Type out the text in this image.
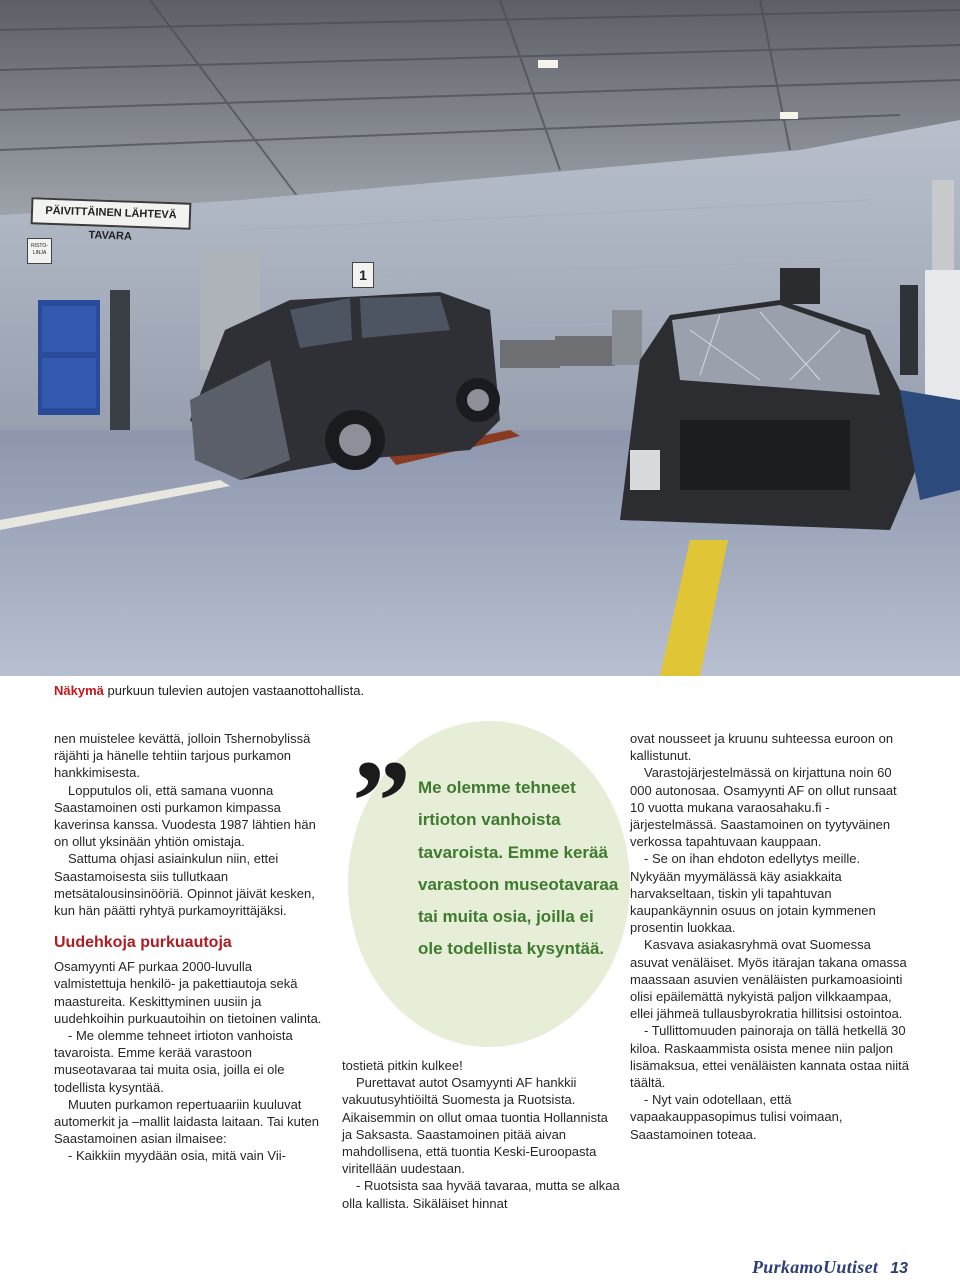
PÄIVITTÄINEN LÄHTEVÄ TAVARA
RISTO-LINJA
1
Näkymä purkuun tulevien autojen vastaanottohallista.

nen muistelee kevättä, jolloin Tshernobylissä räjähti ja hänelle tehtiin tarjous purkamon hankkimisesta.

Lopputulos oli, että samana vuonna Saastamoinen osti purkamon kimpassa kaverinsa kanssa. Vuodesta 1987 lähtien hän on ollut yksinään yhtiön omistaja.

Sattuma ohjasi asiainkulun niin, ettei Saastamoisesta siis tullutkaan metsätalousinsinööriä. Opinnot jäivät kesken, kun hän päätti ryhtyä purkamoyrittäjäksi.

Uudehkoja purkuautoja

Osamyynti AF purkaa 2000-luvulla valmistettuja henkilö- ja pakettiautoja sekä maastureita. Keskittyminen uusiin ja uudehkoihin purkuautoihin on tietoinen valinta.

- Me olemme tehneet irtioton vanhoista tavaroista. Emme kerää varastoon museotavaraa tai muita osia, joilla ei ole todellista kysyntää.

Muuten purkamon repertuaariin kuuluvat automerkit ja –mallit laidasta laitaan. Tai kuten Saastamoinen asian ilmaisee:

- Kaikkiin myydään osia, mitä vain Vii-

” Me olemme tehneet irtioton vanhoista tavaroista. Emme kerää varastoon museotavaraa tai muita osia, joilla ei ole todellista kysyntää.

tostietä pitkin kulkee!

Purettavat autot Osamyynti AF hankkii vakuutusyhtiöiltä Suomesta ja Ruotsista. Aikaisemmin on ollut omaa tuontia Hollannista ja Saksasta. Saastamoinen pitää aivan mahdollisena, että tuontia Keski-Euroopasta viritellään uudestaan.

- Ruotsista saa hyvää tavaraa, mutta se alkaa olla kallista. Sikäläiset hinnat

ovat nousseet ja kruunu suhteessa euroon on kallistunut.

Varastojärjestelmässä on kirjattuna noin 60 000 autonosaa. Osamyynti AF on ollut runsaat 10 vuotta mukana varaosahaku.fi -järjestelmässä. Saastamoinen on tyytyväinen verkossa tapahtuvaan kauppaan.

- Se on ihan ehdoton edellytys meille. Nykyään myymälässä käy asiakkaita harvakseltaan, tiskin yli tapahtuvan kaupankäynnin osuus on jotain kymmenen prosentin luokkaa.

Kasvava asiakasryhmä ovat Suomessa asuvat venäläiset. Myös itärajan takana omassa maassaan asuvien venäläisten purkamoasiointi olisi epäilemättä nykyistä paljon vilkkaampaa, ellei jähmeä tullausbyrokratia hillitsisi ostointoa.

- Tullittomuuden painoraja on tällä hetkellä 30 kiloa. Raskaammista osista menee niin paljon lisämaksua, ettei venäläisten kannata ostaa niitä täältä.

- Nyt vain odotellaan, että vapaakauppasopimus tulisi voimaan, Saastamoinen toteaa.

PurkamoUutiset 13
